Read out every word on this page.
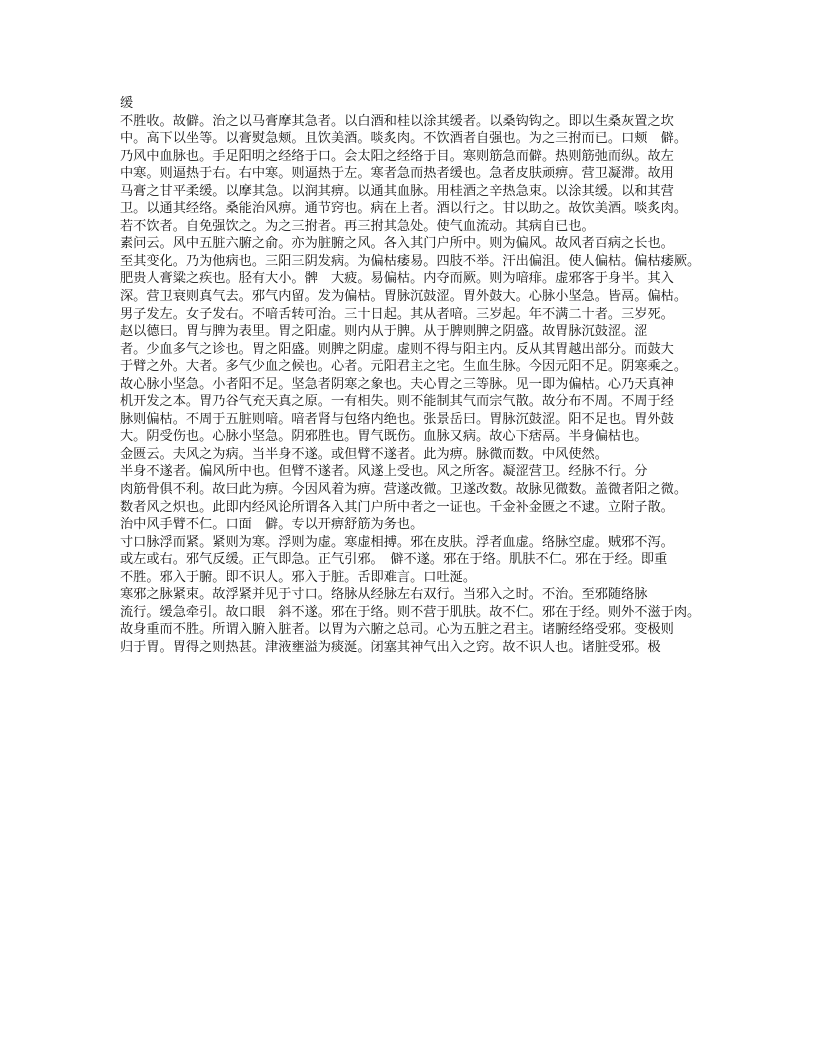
缓
不胜收。故僻。治之以马膏摩其急者。以白酒和桂以涂其缓者。以桑钩钩之。即以生桑灰置之坎
中。高下以坐等。以膏熨急颊。且饮美酒。啖炙肉。不饮酒者自强也。为之三拊而已。口颊　僻。
乃风中血脉也。手足阳明之经络于口。会太阳之经络于目。寒则筋急而僻。热则筋弛而纵。故左
中寒。则逼热于右。右中寒。则逼热于左。寒者急而热者缓也。急者皮肤顽痹。营卫凝滞。故用
马膏之甘平柔缓。以摩其急。以润其痹。以通其血脉。用桂酒之辛热急束。以涂其缓。以和其营
卫。以通其经络。桑能治风痹。通节窍也。病在上者。酒以行之。甘以助之。故饮美酒。啖炙肉。
若不饮者。自免强饮之。为之三拊者。再三拊其急处。使气血流动。其病自已也。
素问云。风中五脏六腑之俞。亦为脏腑之风。各入其门户所中。则为偏风。故风者百病之长也。
至其变化。乃为他病也。三阳三阴发病。为偏枯痿易。四肢不举。汗出偏沮。使人偏枯。偏枯痿厥。
肥贵人膏粱之疾也。胫有大小。髀　大疲。易偏枯。内夺而厥。则为喑痱。虚邪客于身半。其入
深。营卫衰则真气去。邪气内留。发为偏枯。胃脉沉鼓涩。胃外鼓大。心脉小坚急。皆鬲。偏枯。
男子发左。女子发右。不喑舌转可治。三十日起。其从者喑。三岁起。年不满二十者。三岁死。
赵以德曰。胃与脾为表里。胃之阳虚。则内从于脾。从于脾则脾之阴盛。故胃脉沉鼓涩。涩
者。少血多气之诊也。胃之阳盛。则脾之阴虚。虚则不得与阳主内。反从其胃越出部分。而鼓大
于臂之外。大者。多气少血之候也。心者。元阳君主之宅。生血生脉。今因元阳不足。阴寒乘之。
故心脉小坚急。小者阳不足。坚急者阴寒之象也。夫心胃之三等脉。见一即为偏枯。心乃天真神
机开发之本。胃乃谷气充天真之原。一有相失。则不能制其气而宗气散。故分布不周。不周于经
脉则偏枯。不周于五脏则喑。喑者肾与包络内绝也。张景岳曰。胃脉沉鼓涩。阳不足也。胃外鼓
大。阴受伤也。心脉小坚急。阴邪胜也。胃气既伤。血脉又病。故心下痞鬲。半身偏枯也。
金匮云。夫风之为病。当半身不遂。或但臂不遂者。此为痹。脉微而数。中风使然。
半身不遂者。偏风所中也。但臂不遂者。风遂上受也。风之所客。凝涩营卫。经脉不行。分
肉筋骨俱不利。故曰此为痹。今因风着为痹。营遂改微。卫遂改数。故脉见微数。盖微者阳之微。
数者风之炽也。此即内经风论所谓各入其门户所中者之一证也。千金补金匮之不逮。立附子散。
治中风手臂不仁。口面　僻。专以开痹舒筋为务也。
寸口脉浮而紧。紧则为寒。浮则为虚。寒虚相搏。邪在皮肤。浮者血虚。络脉空虚。贼邪不泻。
或左或右。邪气反缓。正气即急。正气引邪。　僻不遂。邪在于络。肌肤不仁。邪在于经。即重
不胜。邪入于腑。即不识人。邪入于脏。舌即难言。口吐涎。
寒邪之脉紧束。故浮紧并见于寸口。络脉从经脉左右双行。当邪入之时。不治。至邪随络脉
流行。缓急牵引。故口眼　斜不遂。邪在于络。则不营于肌肤。故不仁。邪在于经。则外不滋于肉。
故身重而不胜。所谓入腑入脏者。以胃为六腑之总司。心为五脏之君主。诸腑经络受邪。变极则
归于胃。胃得之则热甚。津液壅溢为痰涎。闭塞其神气出入之窍。故不识人也。诸脏受邪。极
